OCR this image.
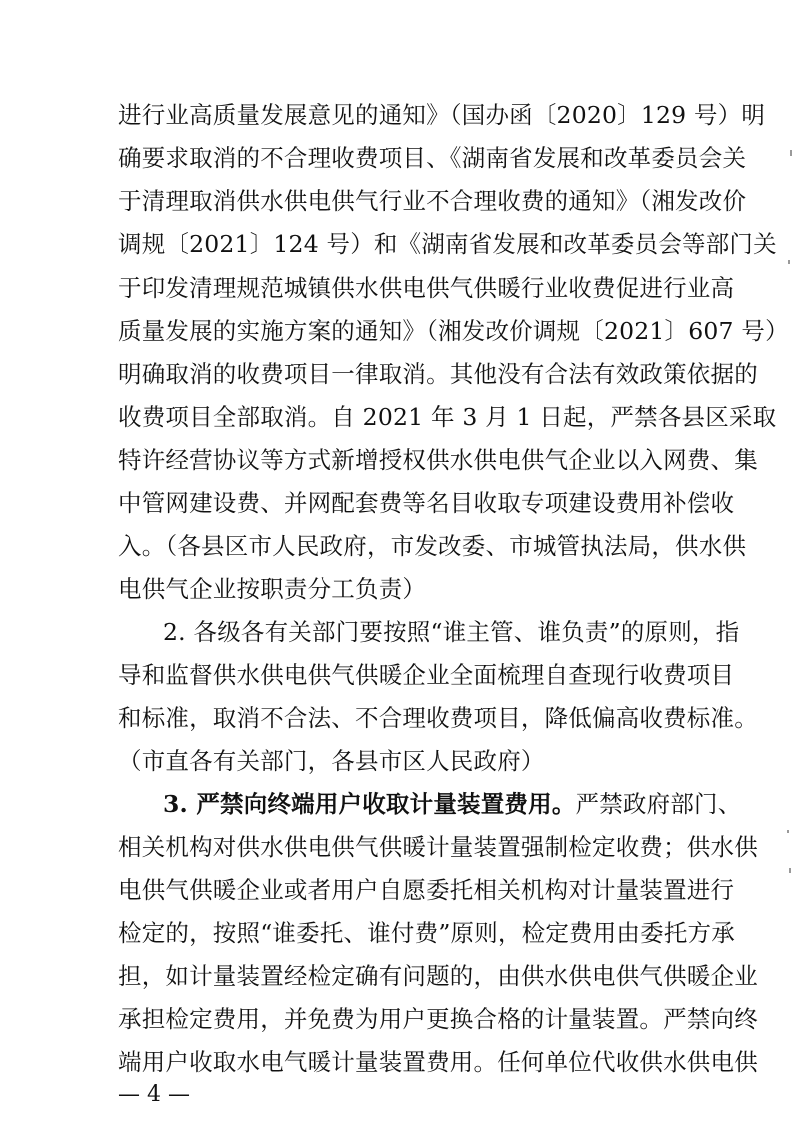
进行业高质量发展意见的通知》（国办函〔2020〕129 号）明
确要求取消的不合理收费项目、《湖南省发展和改革委员会关
于清理取消供水供电供气行业不合理收费的通知》（湘发改价
调规〔2021〕124 号）和《湖南省发展和改革委员会等部门关
于印发清理规范城镇供水供电供气供暖行业收费促进行业高
质量发展的实施方案的通知》（湘发改价调规〔2021〕607 号）
明确取消的收费项目一律取消。其他没有合法有效政策依据的
收费项目全部取消。自 2021 年 3 月 1 日起，严禁各县区采取
特许经营协议等方式新增授权供水供电供气企业以入网费、集
中管网建设费、并网配套费等名目收取专项建设费用补偿收
入。（各县区市人民政府，市发改委、市城管执法局，供水供
电供气企业按职责分工负责）
2. 各级各有关部门要按照“谁主管、谁负责”的原则，指
导和监督供水供电供气供暖企业全面梳理自查现行收费项目
和标准，取消不合法、不合理收费项目，降低偏高收费标准。
（市直各有关部门，各县市区人民政府）
3. 严禁向终端用户收取计量装置费用。严禁政府部门、
相关机构对供水供电供气供暖计量装置强制检定收费；供水供
电供气供暖企业或者用户自愿委托相关机构对计量装置进行
检定的，按照“谁委托、谁付费”原则，检定费用由委托方承
担，如计量装置经检定确有问题的，由供水供电供气供暖企业
承担检定费用，并免费为用户更换合格的计量装置。严禁向终
端用户收取水电气暖计量装置费用。任何单位代收供水供电供
— 4 —
